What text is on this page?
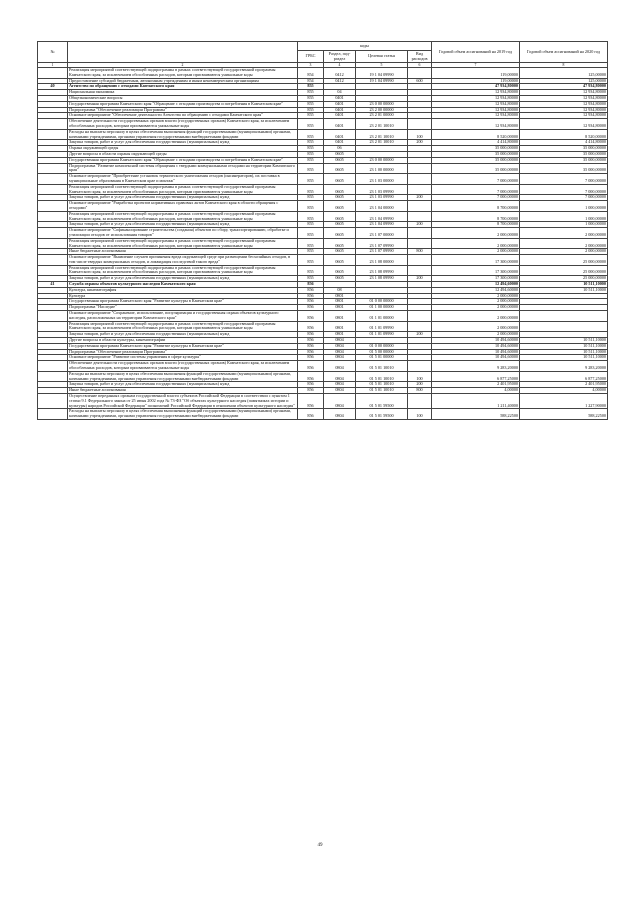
№		коды				Годовой объем ассигнований на 2019 год	Годовой объем ассигнований на 2020 год
		ГРБС	Раздел, под-раздел	Целевая статья	Вид расходов		
1	2	3	4	5	6	7	8
	Реализация мероприятий соответствующей подпрограммы в рамках соответствующей государственной программы Камчатского края, за исключением обособленных расходов, которым присваиваются уникальные коды	854	0412	19 1 04 09990		119,00000	125,00000
	Предоставление субсидий бюджетным, автономным учреждениям и иным некоммерческим организациям	854	0412	19 1 04 09990	600	119,00000	125,00000
40	Агентство по обращению с отходами Камчатского края	855				47 934,80000	47 934,80000
	Национальная экономика	855	04			12 934,80000	12 934,80000
	Общеэкономические вопросы	855	0401			12 934,80000	12 934,80000
	Государственная программа Камчатского края "Обращение с отходами производства и потребления в Камчатском крае"	855	0401	23 0 00 00000		12 934,80000	12 934,80000
	Подпрограмма "Обеспечение реализации Программы"	855	0401	23 2 00 00000		12 934,80000	12 934,80000
	Основное мероприятие "Обеспечение деятельности Агентства по обращению с отходами Камчатского края"	855	0401	23 2 01 00000		12 934,80000	12 934,80000
	Обеспечение деятельности государственных органов власти (государственных органов) Камчатского края, за исключением обособленных расходов, которым присваиваются уникальные коды	855	0401	23 2 01 10010		12 934,80000	12 934,80000
	Расходы на выплаты персоналу в целях обеспечения выполнения функций государственными (муниципальными) органами, казенными учреждениями, органами управления государственными внебюджетными фондами	855	0401	23 2 01 10010	100	8 520,00000	8 520,00000
	Закупка товаров, работ и услуг для обеспечения государственных (муниципальных) нужд	855	0401	23 2 01 10010	200	4 414,80000	4 414,80000
	Охрана окружающей среды	855	06			35 000,00000	35 000,00000
	Другие вопросы в области охраны окружающей среды	855	0605			35 000,00000	35 000,00000
	Государственная программа Камчатского края "Обращение с отходами производства и потребления в Камчатском крае"	855	0605	23 0 00 00000		35 000,00000	35 000,00000
	Подпрограмма "Развитие комплексной системы обращения с твердыми коммунальными отходами на территории Камчатского края"	855	0605	23 1 00 00000		35 000,00000	35 000,00000
	Основное мероприятие "Приобретение установок термического уничтожения отходов (инсинераторов), их поставка в муниципальные образования в Камчатском крае и монтаж"	855	0605	23 1 03 00000		7 000,00000	7 000,00000
	Реализация мероприятий соответствующей подпрограммы в рамках соответствующей государственной программы Камчатского края, за исключением обособленных расходов, которым присваиваются уникальные коды	855	0605	23 1 03 09990		7 000,00000	7 000,00000
	Закупка товаров, работ и услуг для обеспечения государственных (муниципальных) нужд	855	0605	23 1 03 09990	200	7 000,00000	7 000,00000
	Основное мероприятие "Разработка проектов нормативных правовых актов Камчатского края в области обращения с отходами"	855	0605	23 1 04 00000		8 700,00000	1 000,00000
	Реализация мероприятий соответствующей подпрограммы в рамках соответствующей государственной программы Камчатского края, за исключением обособленных расходов, которым присваиваются уникальные коды	855	0605	23 1 04 09990		8 700,00000	1 000,00000
	Закупка товаров, работ и услуг для обеспечения государственных (муниципальных) нужд	855	0605	23 1 04 09990	200	8 700,00000	1 000,00000
	Основное мероприятие "Софинансирование строительства (создания) объектов по сбору, транспортированию, обработке и утилизации отходов от использования товаров"	855	0605	23 1 07 00000		2 000,00000	2 000,00000
	Реализация мероприятий соответствующей подпрограммы в рамках соответствующей государственной программы Камчатского края, за исключением обособленных расходов, которым присваиваются уникальные коды	855	0605	23 1 07 09990		2 000,00000	2 000,00000
	Иные бюджетные ассигнования	855	0605	23 1 07 09990	800	2 000,00000	2 000,00000
	Основное мероприятие "Выявление случаев причинения вреда окружающей среде при размещении бесхозяйных отходов, в том числе твердых коммунальных отходов, и ликвидация последствий такого вреда"	855	0605	23 1 08 00000		17 300,00000	25 000,00000
	Реализация мероприятий соответствующей подпрограммы в рамках соответствующей государственной программы Камчатского края, за исключением обособленных расходов, которым присваиваются уникальные коды	855	0605	23 1 08 09990		17 300,00000	25 000,00000
	Закупка товаров, работ и услуг для обеспечения государственных (муниципальных) нужд	855	0605	23 1 08 09990	200	17 300,00000	25 000,00000
41	Служба охраны объектов культурного наследия Камчатского края	856				12 494,60000	10 511,10000
	Культура, кинематография	856	08			12 494,60000	10 511,10000
	Культура	856	0801			2 000,00000	
	Государственная программа Камчатского края "Развитие культуры в Камчатском крае"	856	0801	01 0 00 00000		2 000,00000	
	Подпрограмма "Наследие"	856	0801	01 1 00 00000		2 000,00000	
	Основное мероприятие "Сохранение, использование, популяризация и государственная охрана объектов культурного наследия, расположенных на территории Камчатского края"	856	0801	01 1 01 00000		2 000,00000	
	Реализация мероприятий соответствующей подпрограммы в рамках соответствующей государственной программы Камчатского края, за исключением обособленных расходов, которым присваиваются уникальные коды	856	0801	01 1 01 09990		2 000,00000	
	Закупка товаров, работ и услуг для обеспечения государственных (муниципальных) нужд	856	0801	01 1 01 09990	200	2 000,00000	
	Другие вопросы в области культуры, кинематографии	856	0804			10 494,60000	10 511,10000
	Государственная программа Камчатского края "Развитие культуры в Камчатском крае"	856	0804	01 0 00 00000		10 494,60000	10 511,10000
	Подпрограмма "Обеспечение реализации Программы"	856	0804	01 5 00 00000		10 494,60000	10 511,10000
	Основное мероприятие "Развитие системы управления в сфере культуры"	856	0804	01 5 01 00000		10 494,60000	10 511,10000
	Обеспечение деятельности государственных органов власти (государственных органов) Камчатского края, за исключением обособленных расходов, которым присваиваются уникальные коды	856	0804	01 5 01 10010		9 283,20000	9 283,20000
	Расходы на выплаты персоналу в целях обеспечения выполнения функций государственными (муниципальными) органами, казенными учреждениями, органами управления государственными внебюджетными фондами	856	0804	01 5 01 10010	100	6 877,25000	6 877,25000
	Закупка товаров, работ и услуг для обеспечения государственных (муниципальных) нужд	856	0804	01 5 01 10010	200	2 401,95000	2 401,95000
	Иные бюджетные ассигнования	856	0804	01 5 01 10010	800	4,00000	4,00000
	Осуществление переданных органам государственной власти субъектов Российской Федерации в соответствии с пунктом 1 статьи 9.1 Федерального закона от 25 июня 2002 года № 73-ФЗ "Об объектах культурного наследия (памятниках истории и культуры) народов Российской Федерации" полномочий Российской Федерации в отношении объектов культурного наследия"	856	0804	01 5 01 59500		1 211,40000	1 227,90000
	Расходы на выплаты персоналу в целях обеспечения выполнения функций государственными (муниципальными) органами, казенными учреждениями, органами управления государственными внебюджетными фондами	856	0804	01 5 01 59500	100	588,22500	588,22500
49
